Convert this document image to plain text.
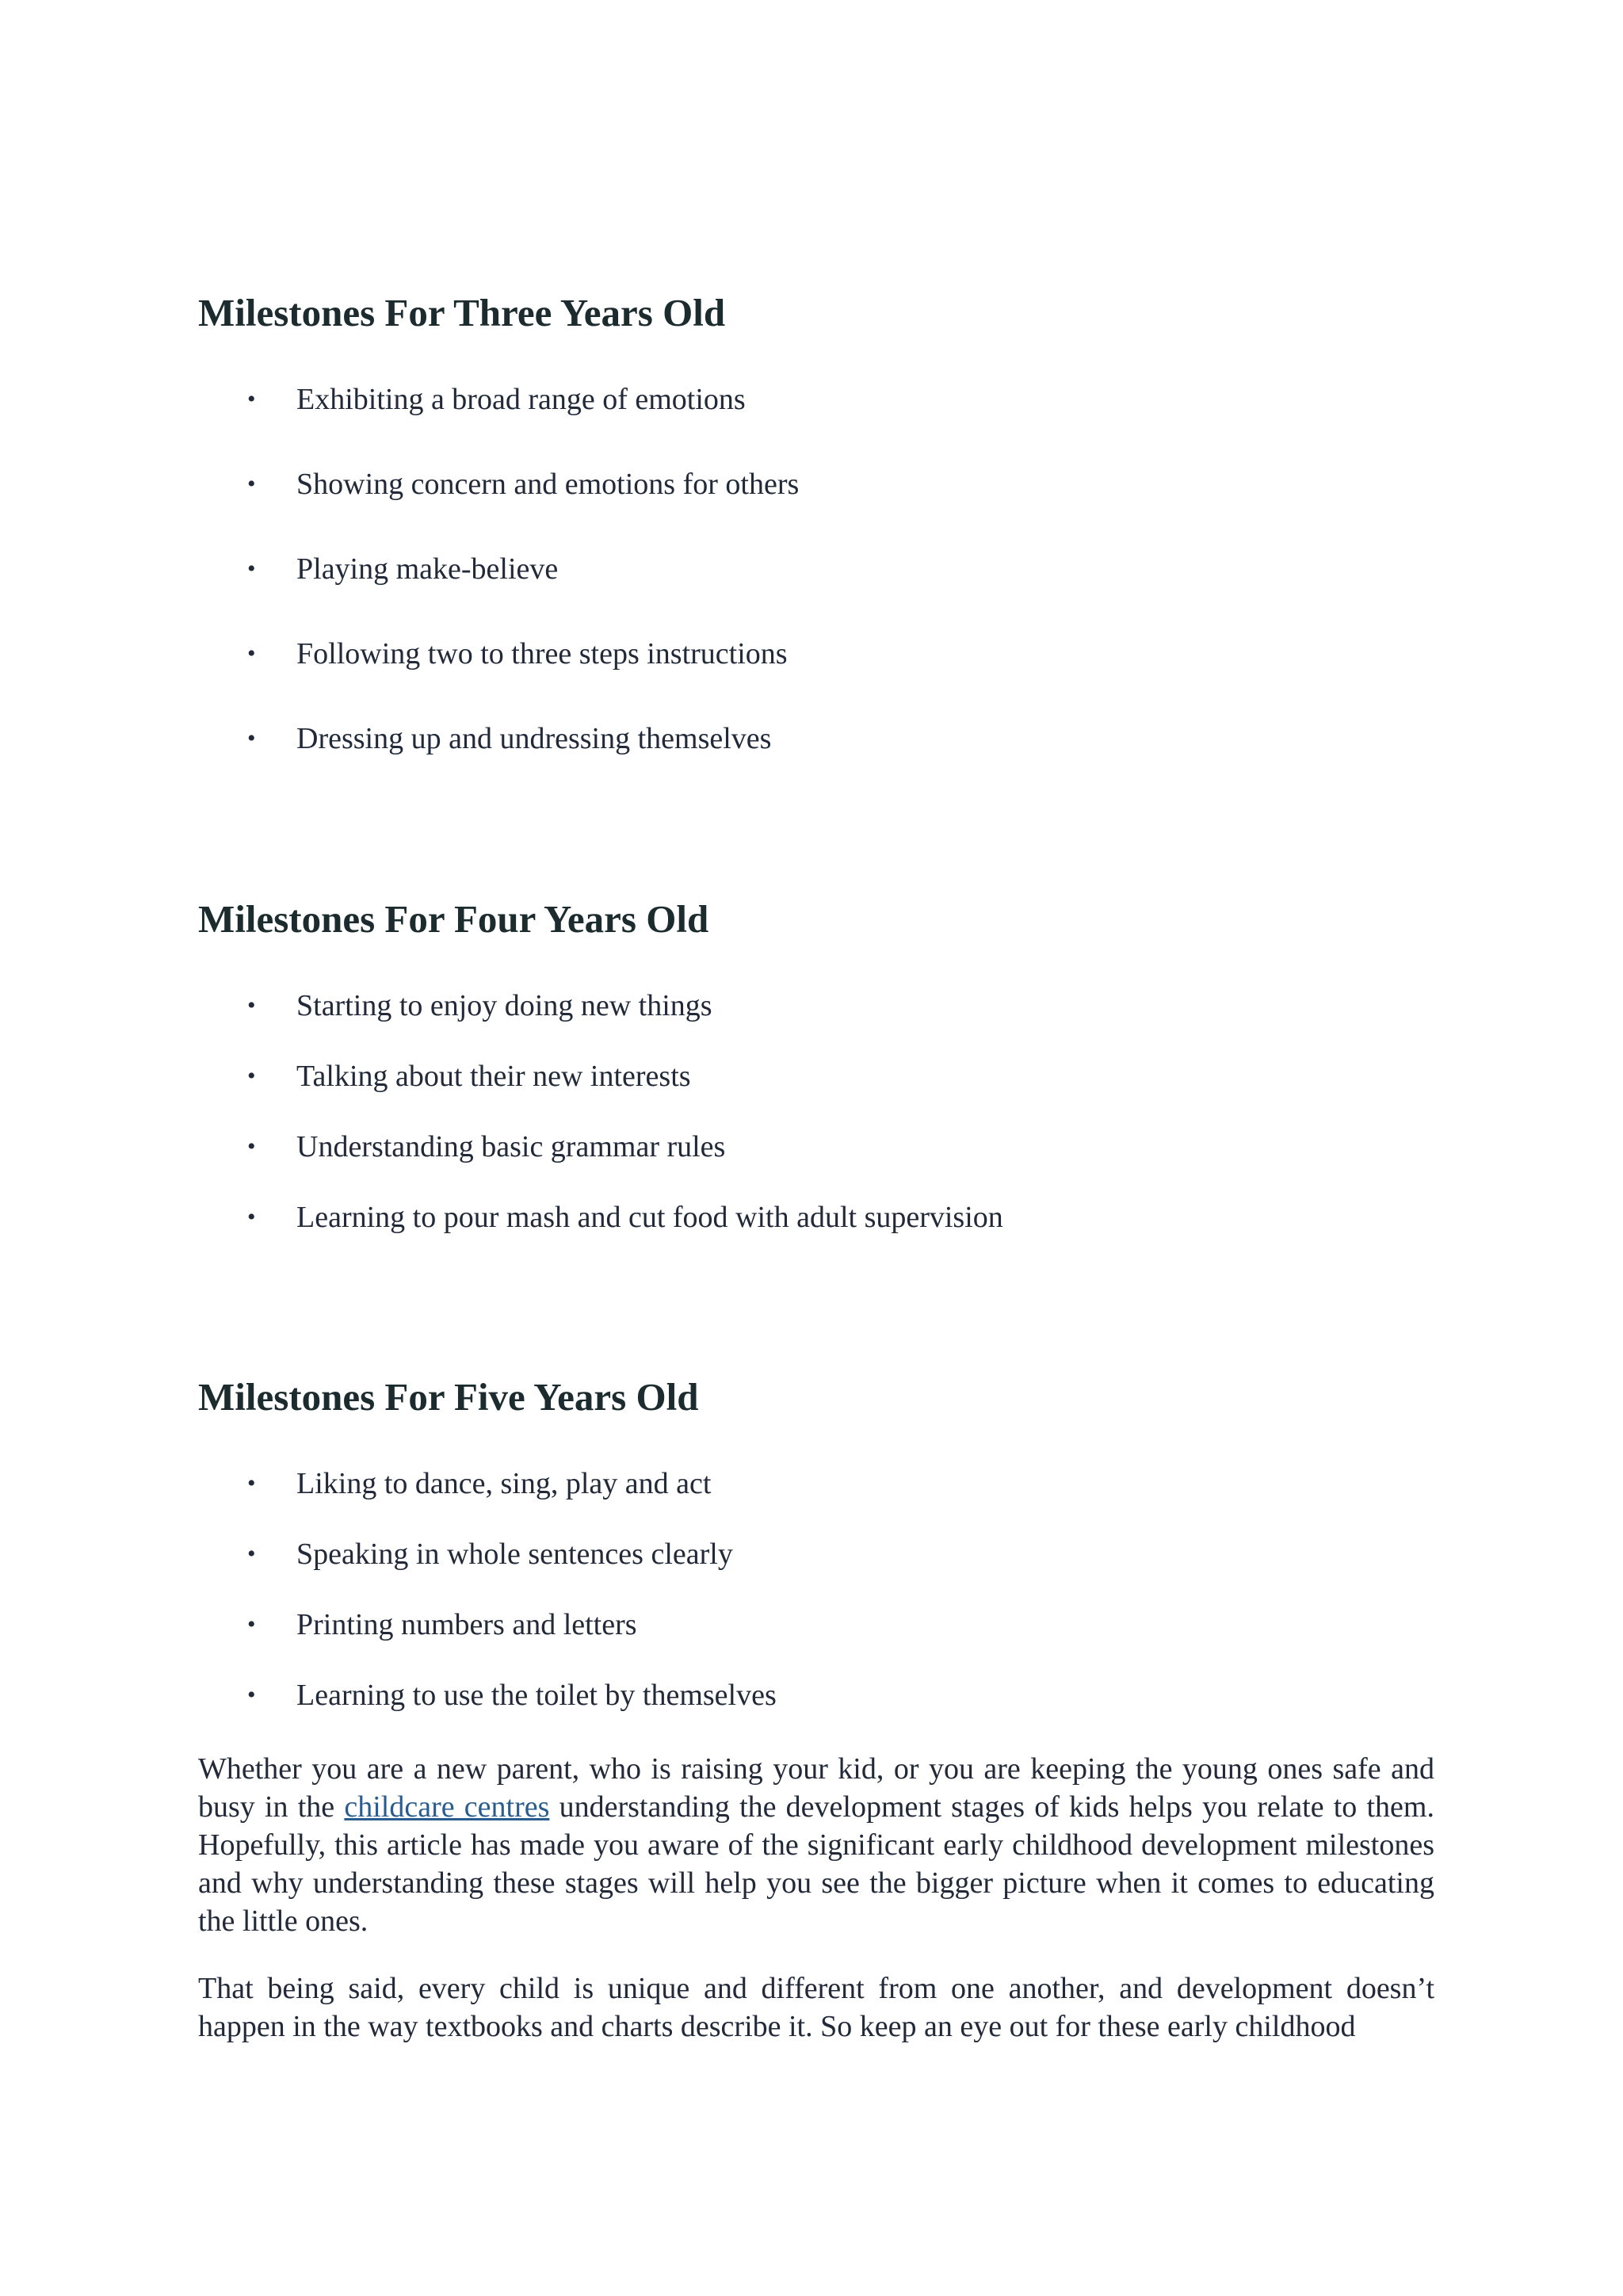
Milestones For Three Years Old
• Exhibiting a broad range of emotions
• Showing concern and emotions for others
• Playing make-believe
• Following two to three steps instructions
• Dressing up and undressing themselves
Milestones For Four Years Old
• Starting to enjoy doing new things
• Talking about their new interests
• Understanding basic grammar rules
• Learning to pour mash and cut food with adult supervision
Milestones For Five Years Old
• Liking to dance, sing, play and act
• Speaking in whole sentences clearly
• Printing numbers and letters
• Learning to use the toilet by themselves

Whether you are a new parent, who is raising your kid, or you are keeping the young ones safe and busy in the childcare centres understanding the development stages of kids helps you relate to them. Hopefully, this article has made you aware of the significant early childhood development milestones and why understanding these stages will help you see the bigger picture when it comes to educating the little ones.

That being said, every child is unique and different from one another, and development doesn’t happen in the way textbooks and charts describe it. So keep an eye out for these early childhood
